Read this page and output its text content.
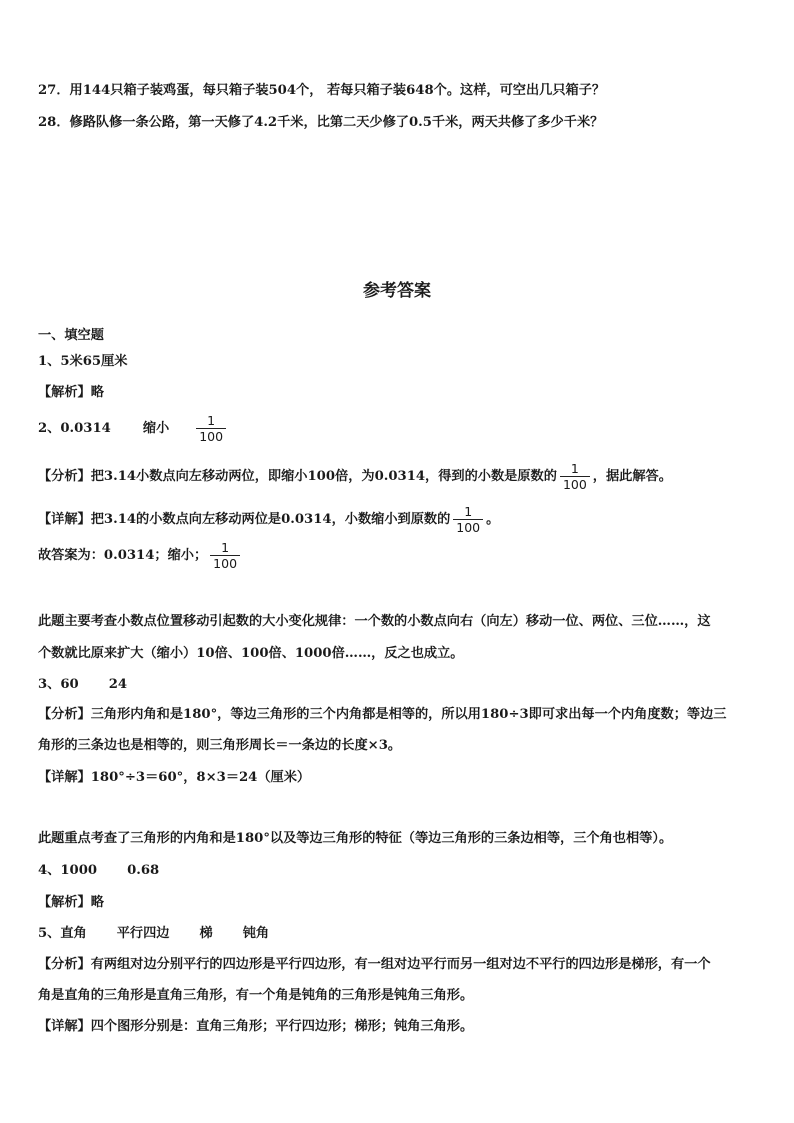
27．用144只箱子装鸡蛋，每只箱子装504个， 若每只箱子装648个。这样，可空出几只箱子？
28．修路队修一条公路，第一天修了4.2千米，比第二天少修了0.5千米，两天共修了多少千米？
参考答案
一、填空题
1、5米65厘米
【解析】略
2、0.0314 缩小 $\frac{1}{100}$
【分析】把3.14小数点向左移动两位，即缩小100倍，为0.0314，得到的小数是原数的 $\frac{1}{100}$ ，据此解答。
【详解】把3.14的小数点向左移动两位是0.0314，小数缩小到原数的 $\frac{1}{100}$ 。
故答案为：0.0314；缩小； $\frac{1}{100}$
此题主要考查小数点位置移动引起数的大小变化规律：一个数的小数点向右（向左）移动一位、两位、三位……，这
个数就比原来扩大（缩小）10倍、100倍、1000倍……，反之也成立。
3、60 24
【分析】三角形内角和是180°，等边三角形的三个内角都是相等的，所以用180÷3即可求出每一个内角度数；等边三
角形的三条边也是相等的，则三角形周长＝一条边的长度×3。
【详解】180°÷3＝60°，8×3＝24（厘米）
此题重点考查了三角形的内角和是180°以及等边三角形的特征（等边三角形的三条边相等，三个角也相等）。
4、1000 0.68
【解析】略
5、直角 平行四边 梯 钝角
【分析】有两组对边分别平行的四边形是平行四边形，有一组对边平行而另一组对边不平行的四边形是梯形，有一个
角是直角的三角形是直角三角形，有一个角是钝角的三角形是钝角三角形。
【详解】四个图形分别是：直角三角形；平行四边形；梯形；钝角三角形。
